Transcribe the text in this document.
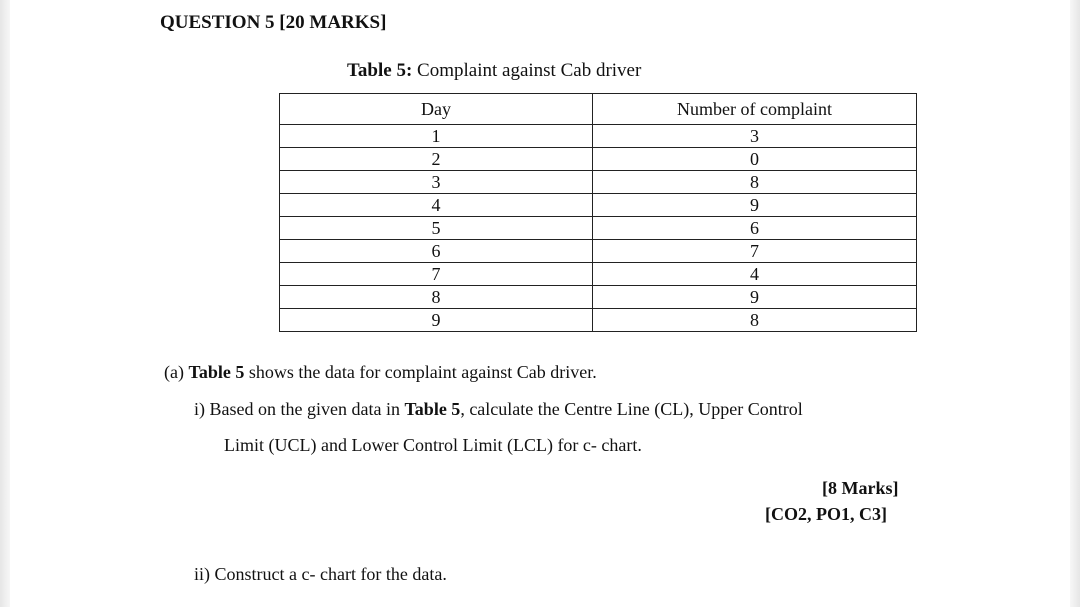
QUESTION 5 [20 MARKS]
Table 5: Complaint against Cab driver
Day	Number of complaint
1	3
2	0
3	8
4	9
5	6
6	7
7	4
8	9
9	8
(a) Table 5 shows the data for complaint against Cab driver.
i) Based on the given data in Table 5, calculate the Centre Line (CL), Upper Control
Limit (UCL) and Lower Control Limit (LCL) for c- chart.
[8 Marks]
[CO2, PO1, C3]
ii) Construct a c- chart for the data.
